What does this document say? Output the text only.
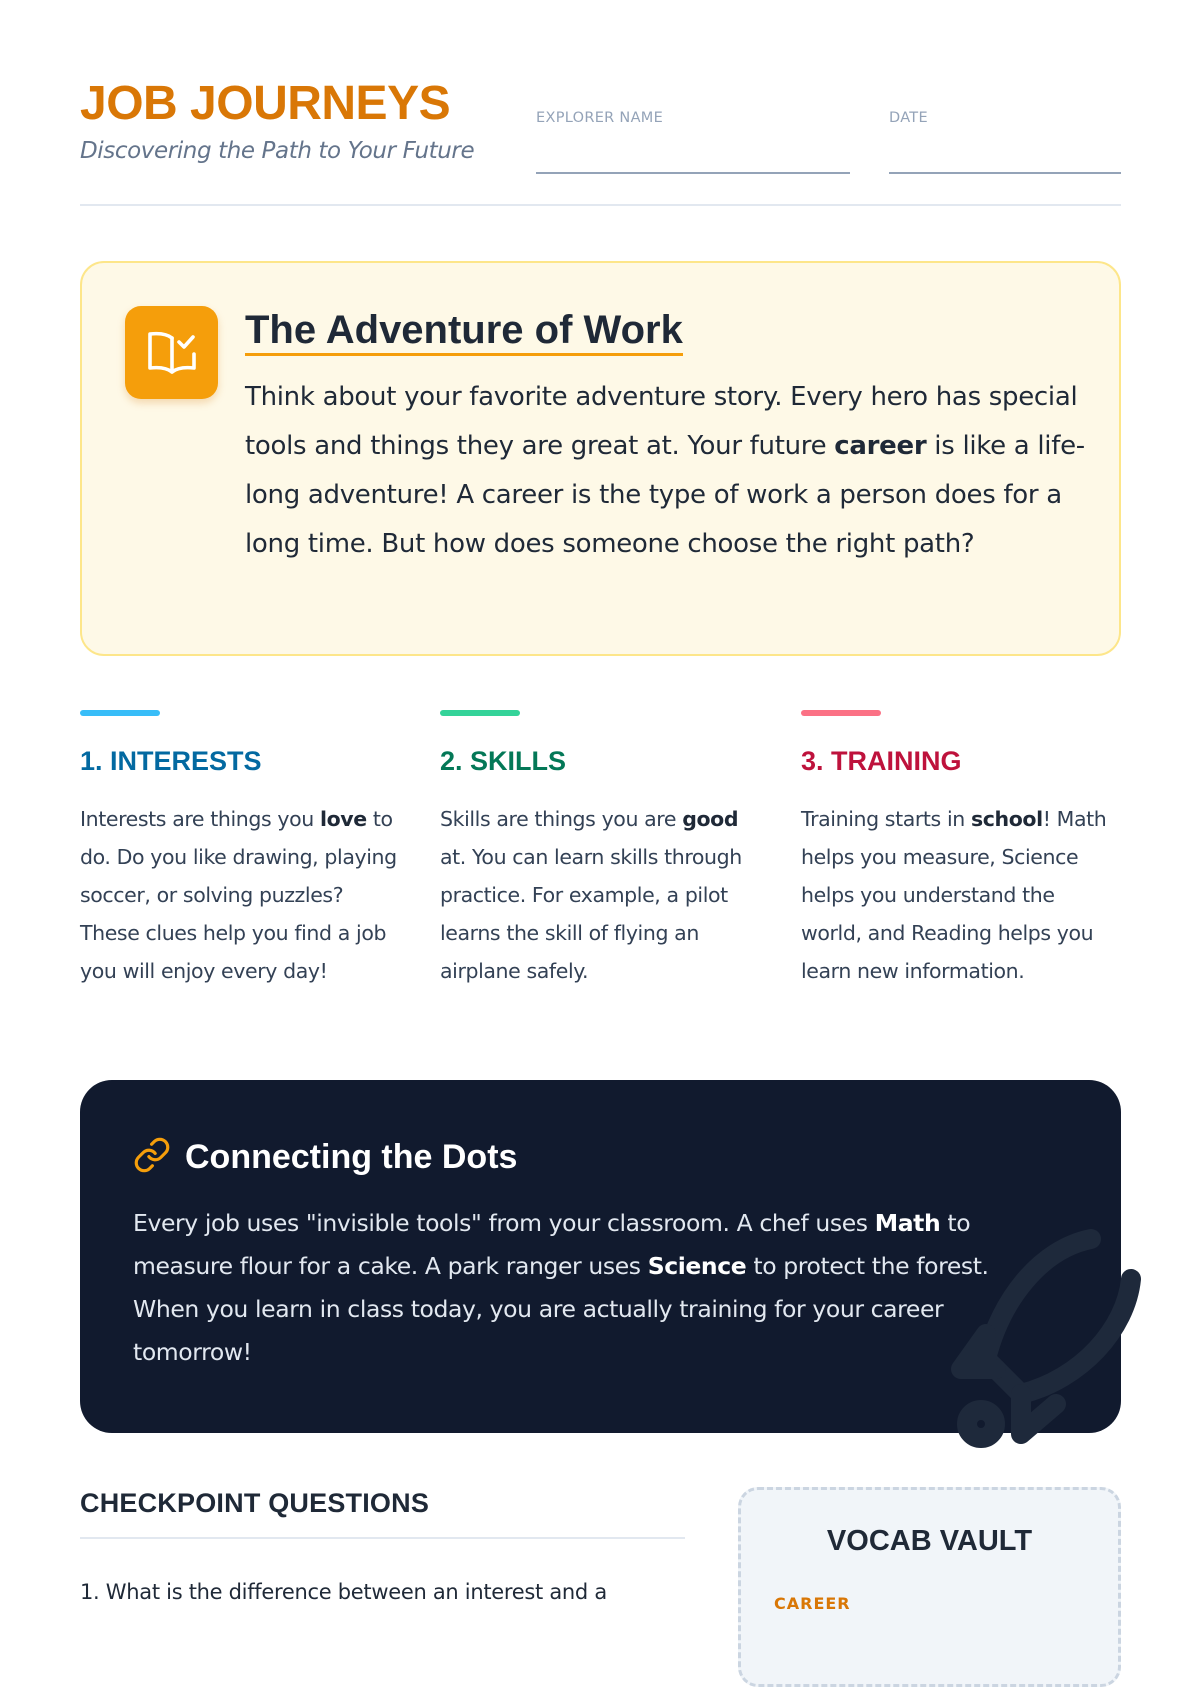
JOB JOURNEYS
Discovering the Path to Your Future
EXPLORER NAME	DATE
The Adventure of Work
Think about your favorite adventure story. Every hero has special tools and things they are great at. Your future career is like a life-long adventure! A career is the type of work a person does for a long time. But how does someone choose the right path?
1. INTERESTS
Interests are things you love to do. Do you like drawing, playing soccer, or solving puzzles? These clues help you find a job you will enjoy every day!
2. SKILLS
Skills are things you are good at. You can learn skills through practice. For example, a pilot learns the skill of flying an airplane safely.
3. TRAINING
Training starts in school! Math helps you measure, Science helps you understand the world, and Reading helps you learn new information.
Connecting the Dots
Every job uses "invisible tools" from your classroom. A chef uses Math to measure flour for a cake. A park ranger uses Science to protect the forest. When you learn in class today, you are actually training for your career tomorrow!
CHECKPOINT QUESTIONS
1. What is the difference between an interest and a
VOCAB VAULT
CAREER
